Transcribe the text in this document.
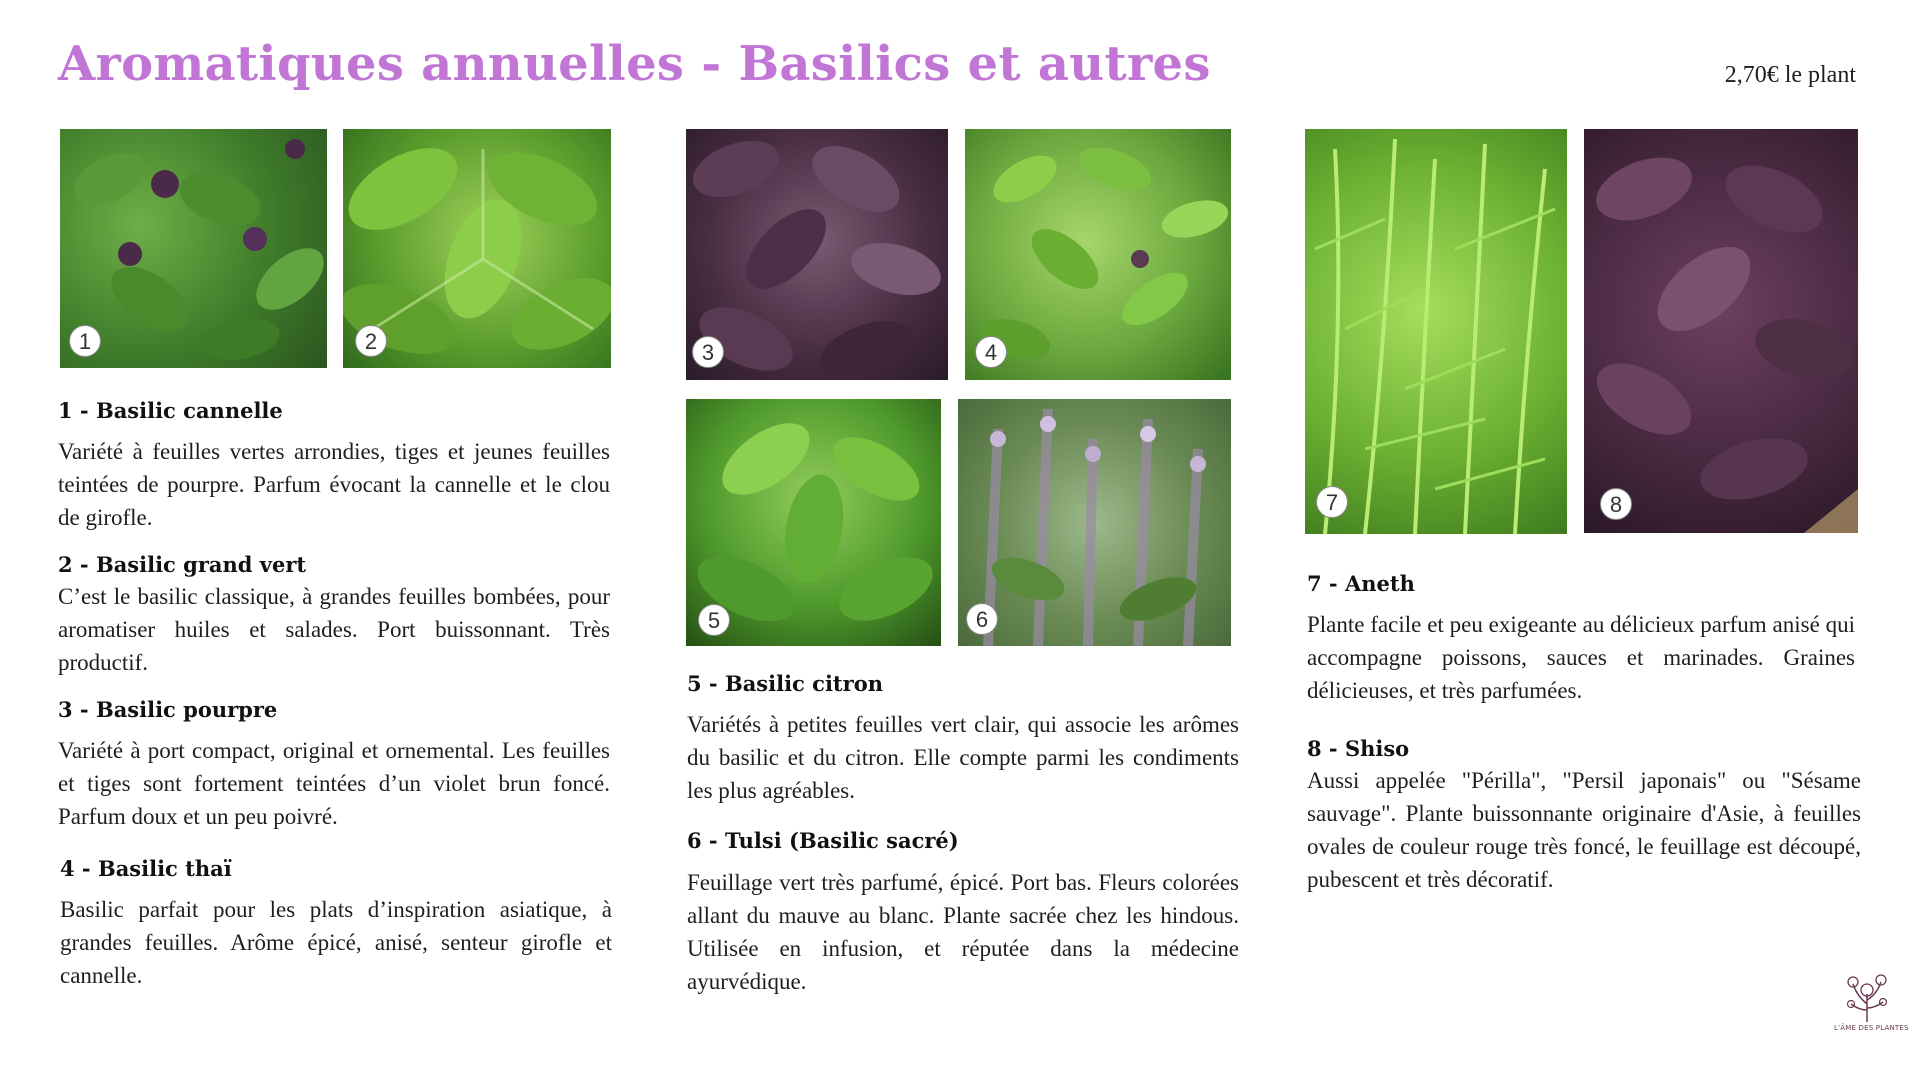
Aromatiques annuelles - Basilics et autres	2,70€ le plant
1	2	3	4
5	6
7	8
1 - Basilic cannelle
Variété à feuilles vertes arrondies, tiges et jeunes feuilles teintées de pourpre. Parfum évocant la cannelle et le clou de girofle.
2 - Basilic grand vert
C’est le basilic classique, à grandes feuilles bombées, pour aromatiser huiles et salades. Port buissonnant. Très productif.
3 - Basilic pourpre
Variété à port compact, original et ornemental. Les feuilles et tiges sont fortement teintées d’un violet brun foncé. Parfum doux et un peu poivré.
4 - Basilic thaï
Basilic parfait pour les plats d’inspiration asiatique, à grandes feuilles. Arôme épicé, anisé, senteur girofle et cannelle.
5 - Basilic citron
Variétés à petites feuilles vert clair, qui associe les arômes du basilic et du citron. Elle compte parmi les condiments les plus agréables.
6 - Tulsi (Basilic sacré)
Feuillage vert très parfumé, épicé. Port bas. Fleurs colorées allant du mauve au blanc. Plante sacrée chez les hindous. Utilisée en infusion, et réputée dans la médecine ayurvédique.
7 - Aneth
Plante facile et peu exigeante au délicieux parfum anisé qui accompagne poissons, sauces et marinades. Graines délicieuses, et très parfumées.
8 - Shiso
Aussi appelée "Périlla", "Persil japonais" ou "Sésame sauvage". Plante buissonnante originaire d'Asie, à feuilles ovales de couleur rouge très foncé, le feuillage est découpé, pubescent et très décoratif.
L'ÂME DES PLANTES
